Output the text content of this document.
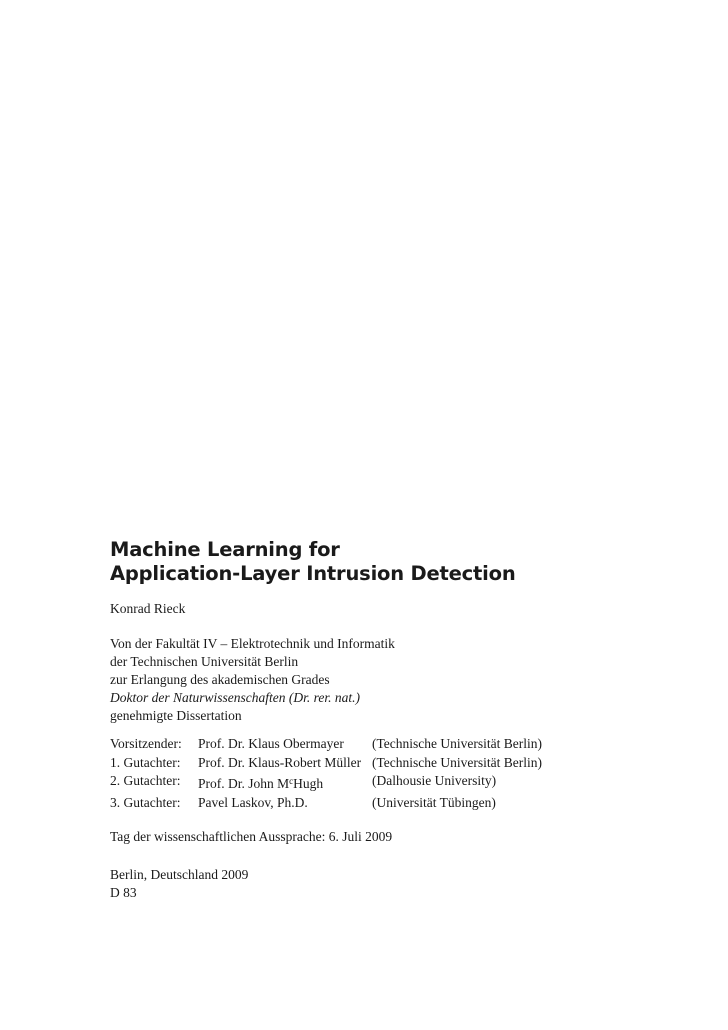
Machine Learning for
Application-Layer Intrusion Detection
Konrad Rieck
Von der Fakultät IV – Elektrotechnik und Informatik
der Technischen Universität Berlin
zur Erlangung des akademischen Grades
Doktor der Naturwissenschaften (Dr. rer. nat.)
genehmigte Dissertation
Vorsitzender:	Prof. Dr. Klaus Obermayer	(Technische Universität Berlin)
1. Gutachter:	Prof. Dr. Klaus-Robert Müller (Technische Universität Berlin)
2. Gutachter:	Prof. Dr. John $M^cHugh$	(Dalhousie University)
3. Gutachter:	Pavel Laskov, Ph.D.	(Universität Tübingen)
Tag der wissenschaftlichen Aussprache: 6. Juli 2009
Berlin, Deutschland 2009
D 83
